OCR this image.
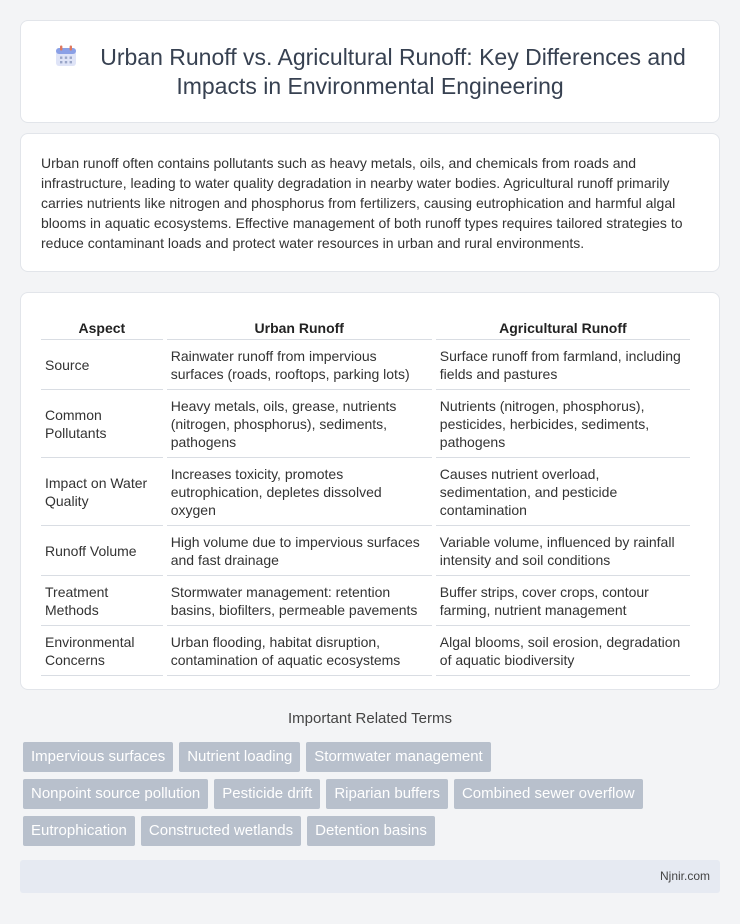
Urban Runoff vs. Agricultural Runoff: Key Differences and Impacts in Environmental Engineering

Urban runoff often contains pollutants such as heavy metals, oils, and chemicals from roads and infrastructure, leading to water quality degradation in nearby water bodies. Agricultural runoff primarily carries nutrients like nitrogen and phosphorus from fertilizers, causing eutrophication and harmful algal blooms in aquatic ecosystems. Effective management of both runoff types requires tailored strategies to reduce contaminant loads and protect water resources in urban and rural environments.

Aspect	Urban Runoff	Agricultural Runoff
Source	Rainwater runoff from impervious surfaces (roads, rooftops, parking lots)	Surface runoff from farmland, including fields and pastures
Common Pollutants	Heavy metals, oils, grease, nutrients (nitrogen, phosphorus), sediments, pathogens	Nutrients (nitrogen, phosphorus), pesticides, herbicides, sediments, pathogens
Impact on Water Quality	Increases toxicity, promotes eutrophication, depletes dissolved oxygen	Causes nutrient overload, sedimentation, and pesticide contamination
Runoff Volume	High volume due to impervious surfaces and fast drainage	Variable volume, influenced by rainfall intensity and soil conditions
Treatment Methods	Stormwater management: retention basins, biofilters, permeable pavements	Buffer strips, cover crops, contour farming, nutrient management
Environmental Concerns	Urban flooding, habitat disruption, contamination of aquatic ecosystems	Algal blooms, soil erosion, degradation of aquatic biodiversity
Important Related Terms
Impervious surfaces	Nutrient loading	Stormwater management
Nonpoint source pollution	Pesticide drift	Riparian buffers	Combined sewer overflow
Eutrophication	Constructed wetlands	Detention basins
Njnir.com
